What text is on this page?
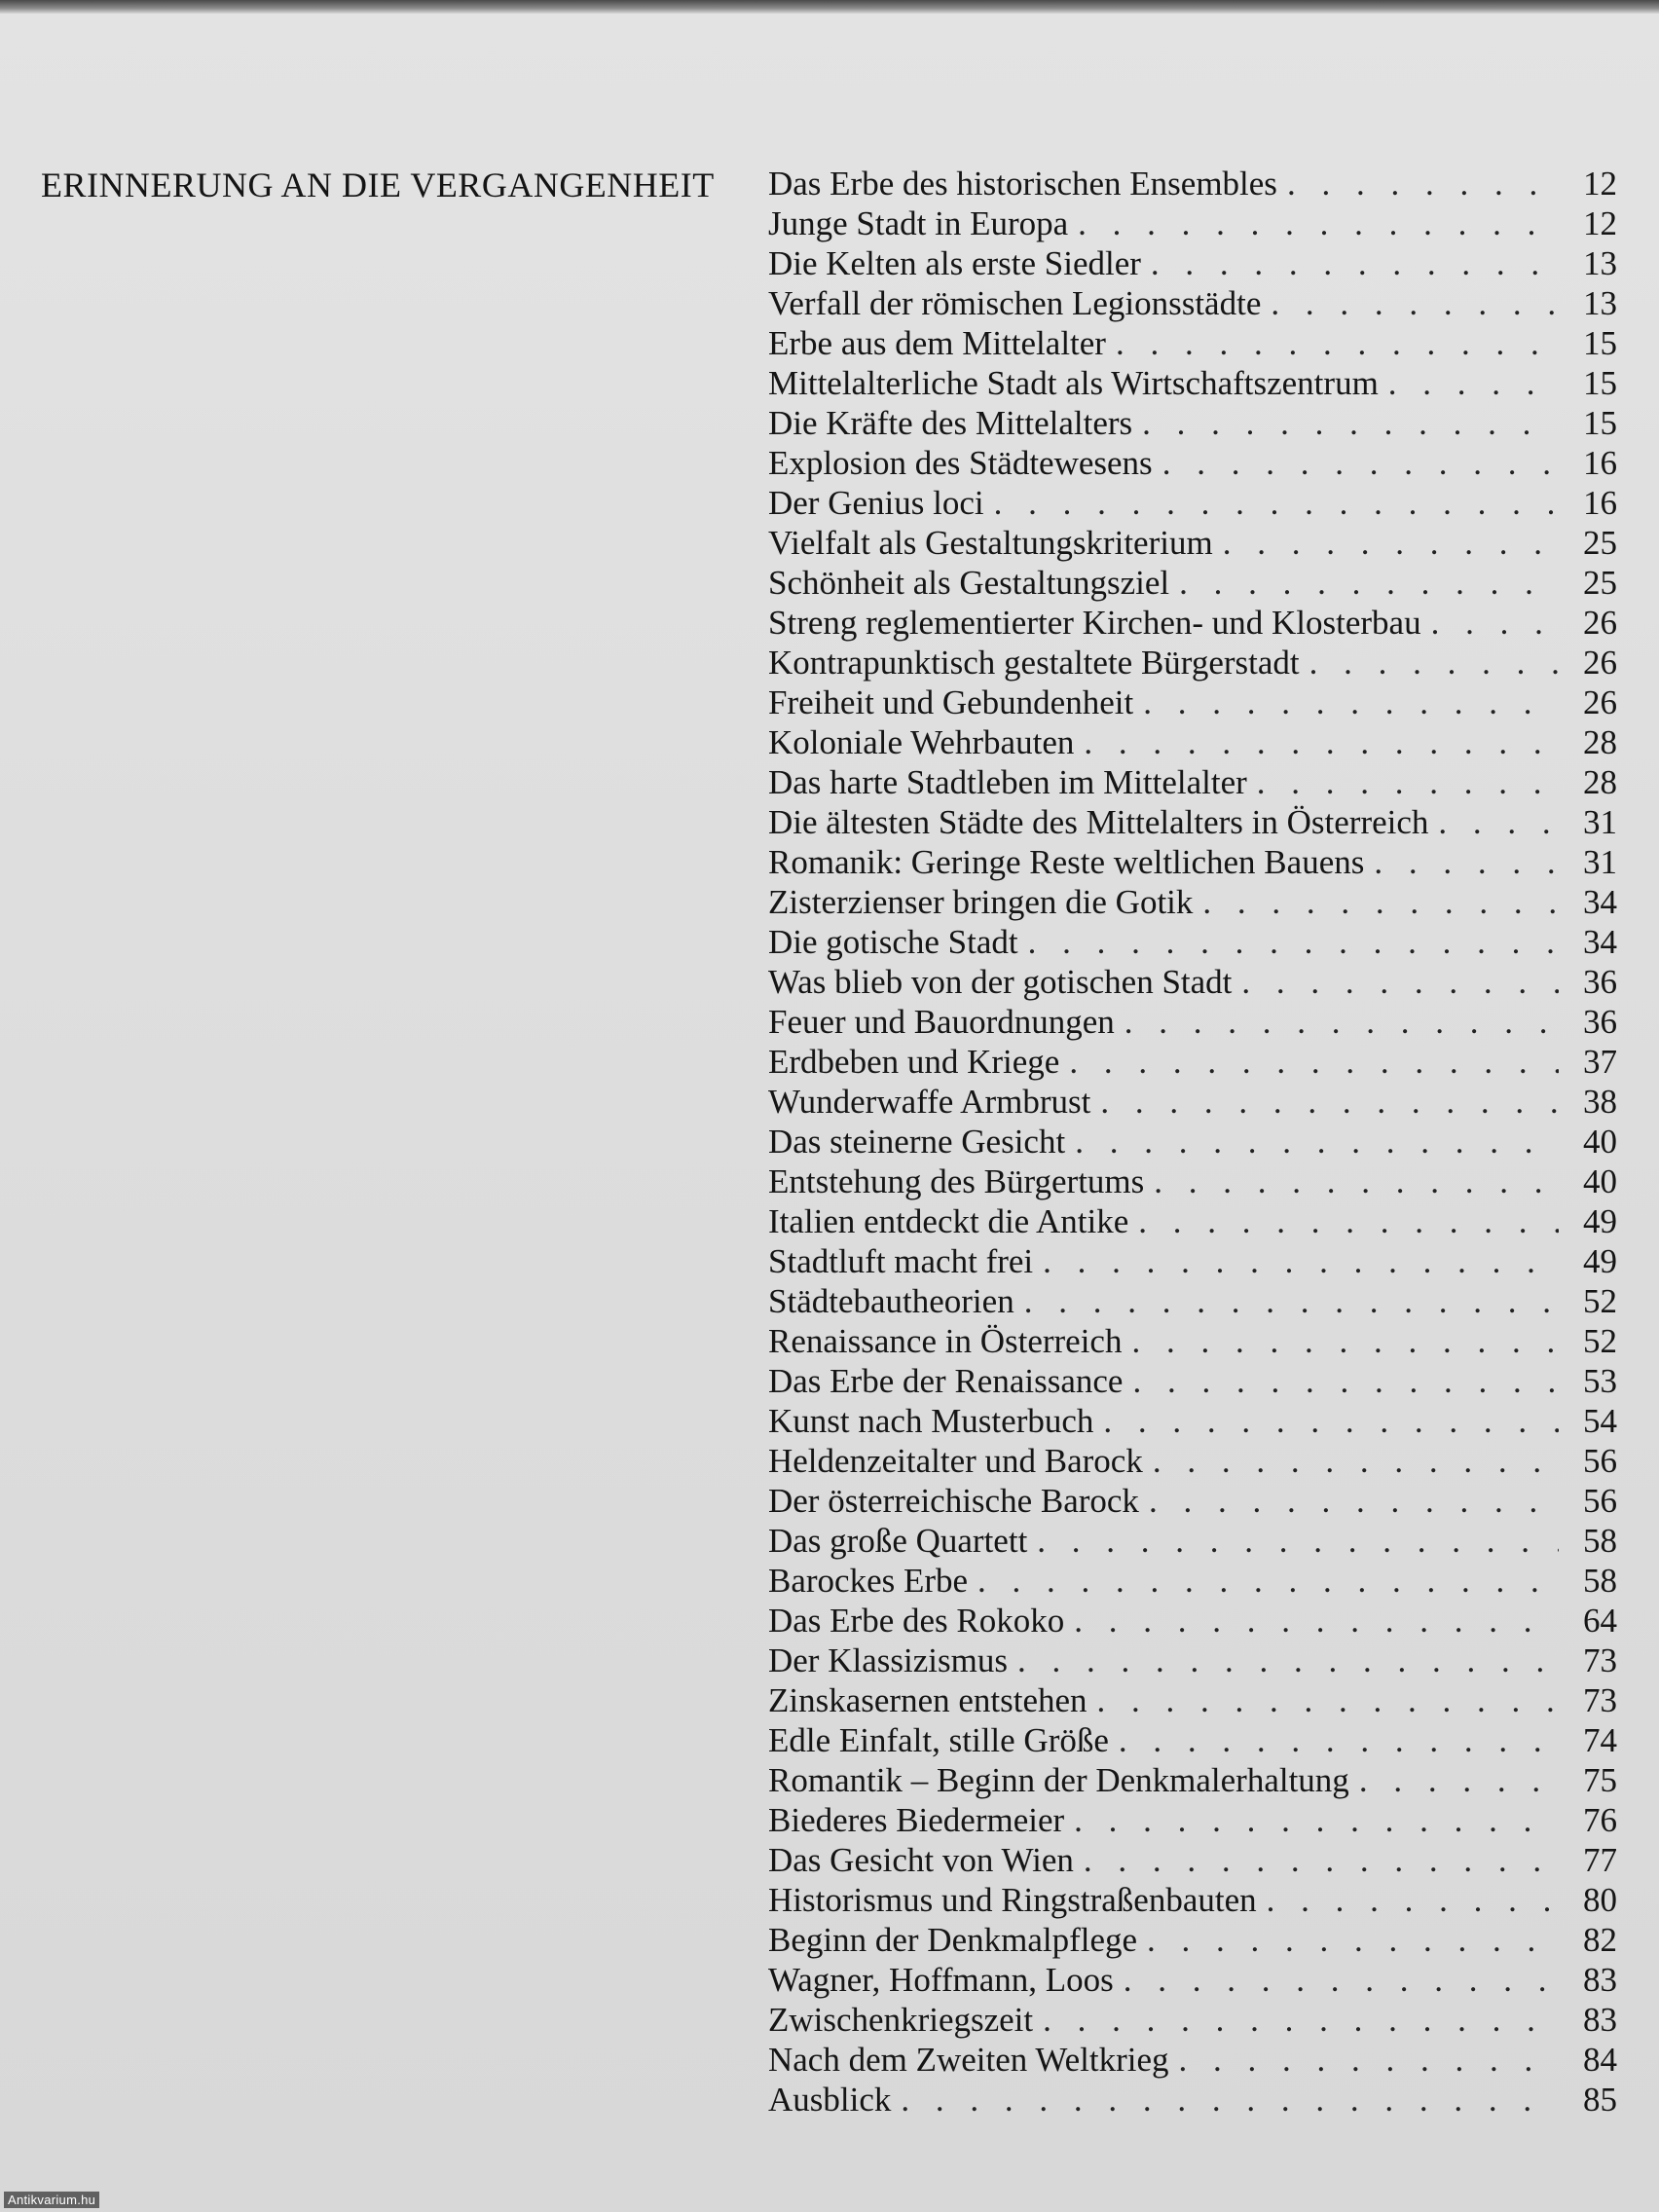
ERINNERUNG AN DIE VERGANGENHEIT Das Erbe des historischen Ensembles . . .	12
Junge Stadt in Europa . . .	12
Die Kelten als erste Siedler . . .	13
Verfall der römischen Legionsstädte . . .	13
Erbe aus dem Mittelalter . . .	15
Mittelalterliche Stadt als Wirtschaftszentrum . . .	15
Die Kräfte des Mittelalters . . .	15
Explosion des Städtewesens . . .	16
Der Genius loci . . .	16
Vielfalt als Gestaltungskriterium . . .	25
Schönheit als Gestaltungsziel . . .	25
Streng reglementierter Kirchen- und Klosterbau . . .	26
Kontrapunktisch gestaltete Bürgerstadt . . .	26
Freiheit und Gebundenheit . . .	26
Koloniale Wehrbauten . . .	28
Das harte Stadtleben im Mittelalter . . .	28
Die ältesten Städte des Mittelalters in Österreich . . .	31
Romanik: Geringe Reste weltlichen Bauens . . .	31
Zisterzienser bringen die Gotik . . .	34
Die gotische Stadt . . .	34
Was blieb von der gotischen Stadt . . .	36
Feuer und Bauordnungen . . .	36
Erdbeben und Kriege . . .	37
Wunderwaffe Armbrust . . .	38
Das steinerne Gesicht . . .	40
Entstehung des Bürgertums . . .	40
Italien entdeckt die Antike . . .	49
Stadtluft macht frei . . .	49
Städtebautheorien . . .	52
Renaissance in Österreich . . .	52
Das Erbe der Renaissance . . .	53
Kunst nach Musterbuch . . .	54
Heldenzeitalter und Barock . . .	56
Der österreichische Barock . . .	56
Das große Quartett . . .	58
Barockes Erbe . . .	58
Das Erbe des Rokoko . . .	64
Der Klassizismus . . .	73
Zinskasernen entstehen . . .	73
Edle Einfalt, stille Größe . . .	74
Romantik – Beginn der Denkmalerhaltung . . .	75
Biederes Biedermeier . . .	76
Das Gesicht von Wien . . .	77
Historismus und Ringstraßenbauten . . .	80
Beginn der Denkmalpflege . . .	82
Wagner, Hoffmann, Loos . . .	83
Zwischenkriegszeit . . .	83
Nach dem Zweiten Weltkrieg . . .	84
Ausblick . . .	85
Antikvarium.hu
